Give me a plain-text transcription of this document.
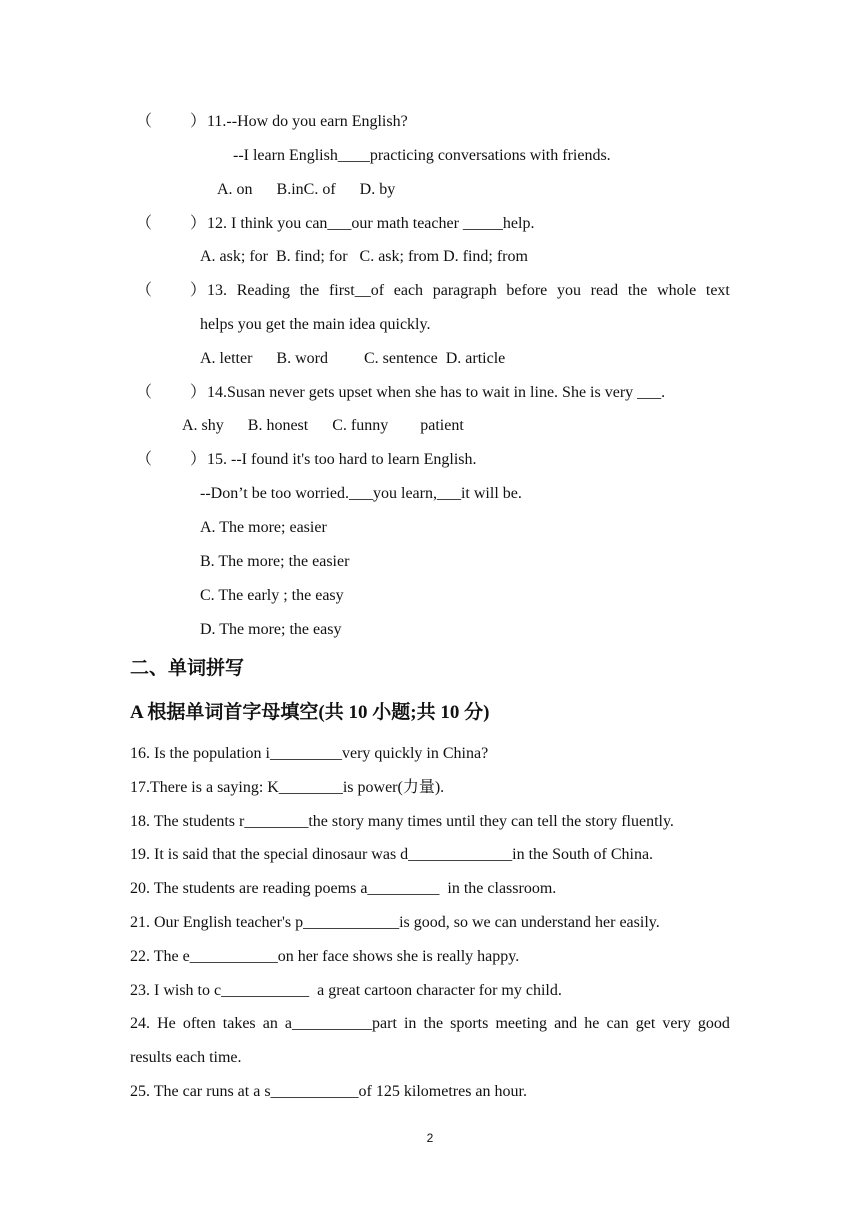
（ ） 11.--How do you earn English?
--I learn English____practicing conversations with friends.
A. on      B.inC. of      D. by
（ ） 12. I think you can___our math teacher _____help.
A. ask; for  B. find; for   C. ask; from D. find; from
（ ） 13. Reading the first__of each paragraph before you read the whole text
helps you get the main idea quickly.
A. letter      B. word         C. sentence  D. article
（ ） 14.Susan never gets upset when she has to wait in line. She is very ___.
A. shy      B. honest      C. funny        patient
（ ） 15. --I found it's too hard to learn English.
--Don’t be too worried.___you learn,___it will be.
A. The more; easier
B. The more; the easier
C. The early ; the easy
D. The more; the easy
二、单词拼写
A 根据单词首字母填空(共 10 小题;共 10 分)
16. Is the population i_________very quickly in China?
17.There is a saying: K________is power(力量).
18. The students r________the story many times until they can tell the story fluently.
19. It is said that the special dinosaur was d_____________in the South of China.
20. The students are reading poems a_________  in the classroom.
21. Our English teacher's p____________is good, so we can understand her easily.
22. The e___________on her face shows she is really happy.
23. I wish to c___________  a great cartoon character for my child.
24. He often takes an a__________part in the sports meeting and he can get very good
results each time.
25. The car runs at a s___________of 125 kilometres an hour.
2
